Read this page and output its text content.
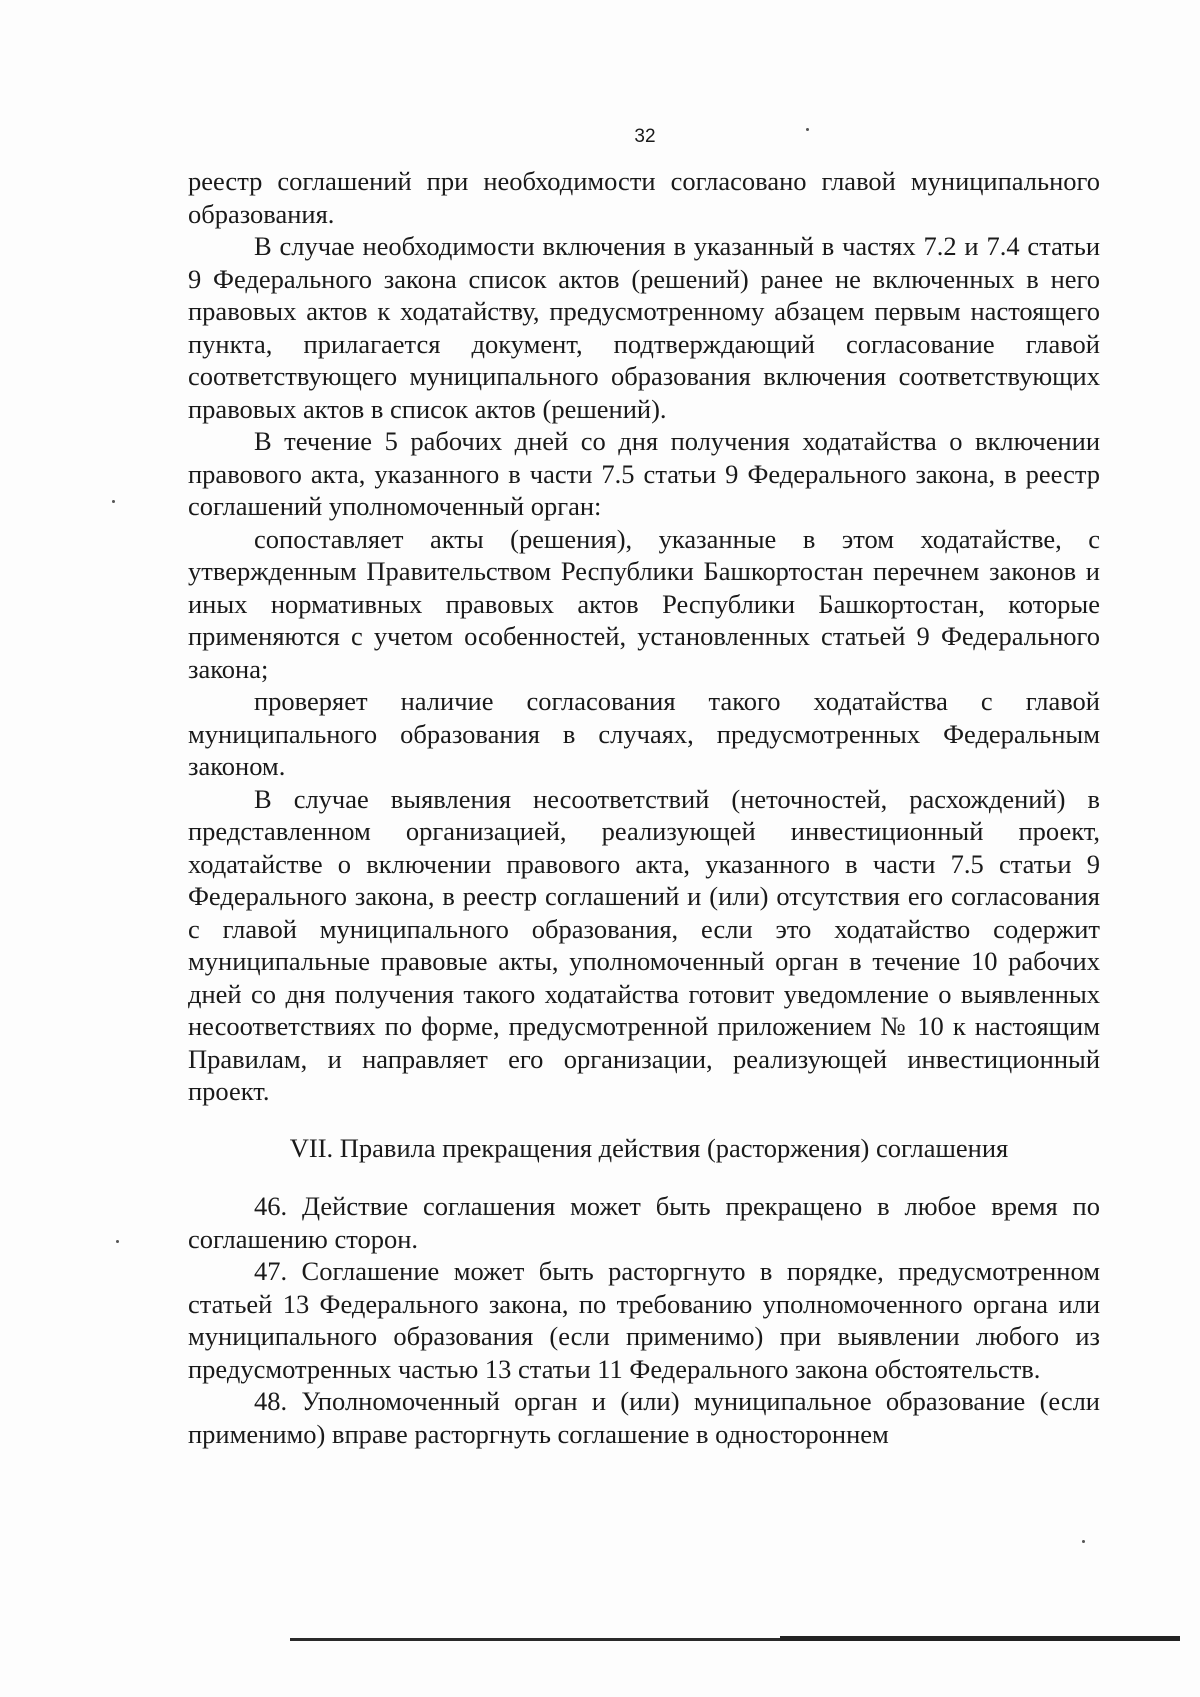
32

реестр соглашений при необходимости согласовано главой муниципального образования.

В случае необходимости включения в указанный в частях 7.2 и 7.4 статьи 9 Федерального закона список актов (решений) ранее не включенных в него правовых актов к ходатайству, предусмотренному абзацем первым настоящего пункта, прилагается документ, подтверждающий согласование главой соответствующего муниципального образования включения соответствующих правовых актов в список актов (решений).

В течение 5 рабочих дней со дня получения ходатайства о включении правового акта, указанного в части 7.5 статьи 9 Федерального закона, в реестр соглашений уполномоченный орган:

сопоставляет акты (решения), указанные в этом ходатайстве, с утвержденным Правительством Республики Башкортостан перечнем законов и иных нормативных правовых актов Республики Башкортостан, которые применяются с учетом особенностей, установленных статьей 9 Федерального закона;

проверяет наличие согласования такого ходатайства с главой муниципального образования в случаях, предусмотренных Федеральным законом.

В случае выявления несоответствий (неточностей, расхождений) в представленном организацией, реализующей инвестиционный проект, ходатайстве о включении правового акта, указанного в части 7.5 статьи 9 Федерального закона, в реестр соглашений и (или) отсутствия его согласования с главой муниципального образования, если это ходатайство содержит муниципальные правовые акты, уполномоченный орган в течение 10 рабочих дней со дня получения такого ходатайства готовит уведомление о выявленных несоответствиях по форме, предусмотренной приложением № 10 к настоящим Правилам, и направляет его организации, реализующей инвестиционный проект.

VII. Правила прекращения действия (расторжения) соглашения

46. Действие соглашения может быть прекращено в любое время по соглашению сторон.

47. Соглашение может быть расторгнуто в порядке, предусмотренном статьей 13 Федерального закона, по требованию уполномоченного органа или муниципального образования (если применимо) при выявлении любого из предусмотренных частью 13 статьи 11 Федерального закона обстоятельств.

48. Уполномоченный орган и (или) муниципальное образование (если применимо) вправе расторгнуть соглашение в одностороннем
